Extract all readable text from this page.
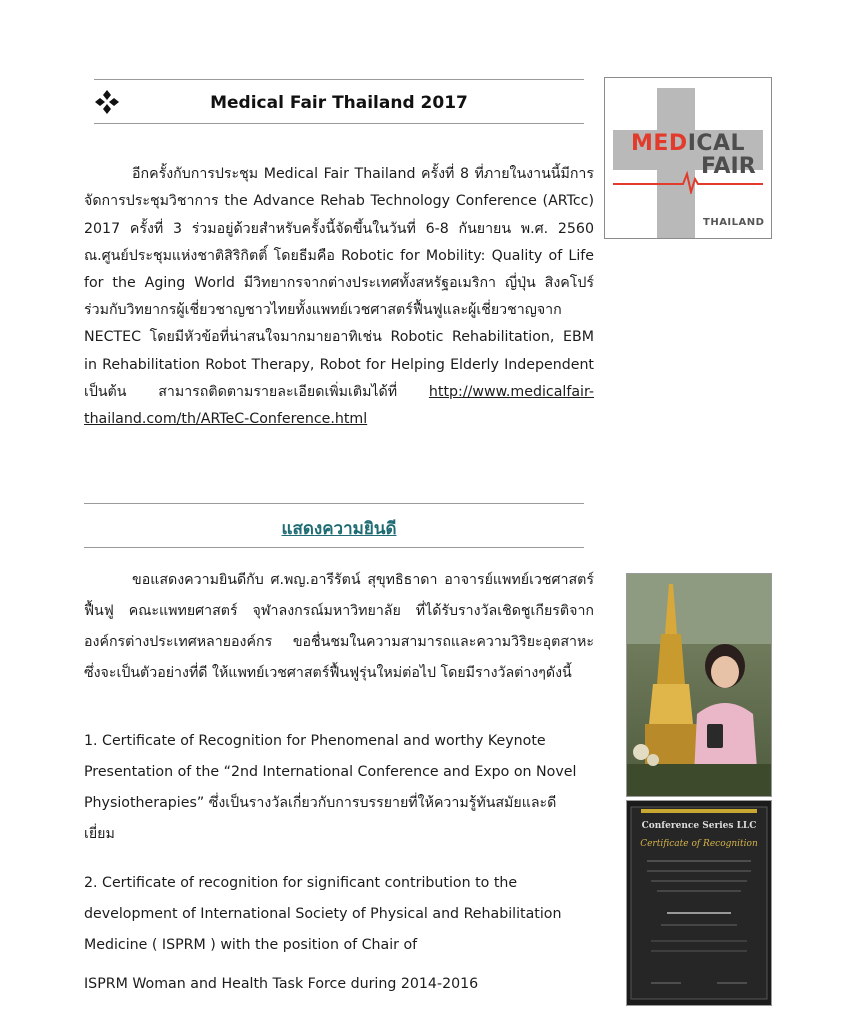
Medical Fair Thailand 2017

อีกครั้งกับการประชุม Medical Fair Thailand ครั้งที่ 8 ที่ภายในงานนี้มีการจัดการประชุมวิชาการ the Advance Rehab Technology Conference (ARTcc) 2017 ครั้งที่ 3 ร่วมอยู่ด้วยสำหรับครั้งนี้จัดขึ้นในวันที่ 6-8 กันยายน พ.ศ. 2560 ณ.ศูนย์ประชุมแห่งชาติสิริกิตติ์ โดยธีมคือ Robotic for Mobility: Quality of Life for the Aging World มีวิทยากรจากต่างประเทศทั้งสหรัฐอเมริกา ญี่ปุ่น สิงคโปร์ ร่วมกับวิทยากรผู้เชี่ยวชาญชาวไทยทั้งแพทย์เวชศาสตร์ฟื้นฟูและผู้เชี่ยวชาญจาก NECTEC โดยมีหัวข้อที่น่าสนใจมากมายอาทิเช่น Robotic Rehabilitation, EBM in Rehabilitation Robot Therapy, Robot for Helping Elderly Independent เป็นต้น สามารถติดตามรายละเอียดเพิ่มเติมได้ที่ http://www.medicalfair-thailand.com/th/ARTeC-Conference.html

MEDICAL
FAIR
THAILAND
แสดงความยินดี

ขอแสดงความยินดีกับ ศ.พญ.อารีรัตน์ สุขุทธิธาดา อาจารย์แพทย์เวชศาสตร์ฟื้นฟู คณะแพทยศาสตร์ จุฬาลงกรณ์มหาวิทยาลัย ที่ได้รับรางวัลเชิดชูเกียรติจากองค์กรต่างประเทศหลายองค์กร ขอชื่นชมในความสามารถและความวิริยะอุตสาหะ ซึ่งจะเป็นตัวอย่างที่ดี ให้แพทย์เวชศาสตร์ฟื้นฟูรุ่นใหม่ต่อไป โดยมีรางวัลต่างๆดังนี้

1. Certificate of Recognition for Phenomenal and worthy Keynote Presentation of the “2nd International Conference and Expo on Novel Physiotherapies” ซึ่งเป็นรางวัลเกี่ยวกับการบรรยายที่ให้ความรู้ทันสมัยและดีเยี่ยม
2. Certificate of recognition for significant contribution to the development of International Society of Physical and Rehabilitation Medicine ( ISPRM ) with the position of Chair of
ISPRM Woman and Health Task Force during 2014-2016
Conference Series LLC
Certificate of Recognition
